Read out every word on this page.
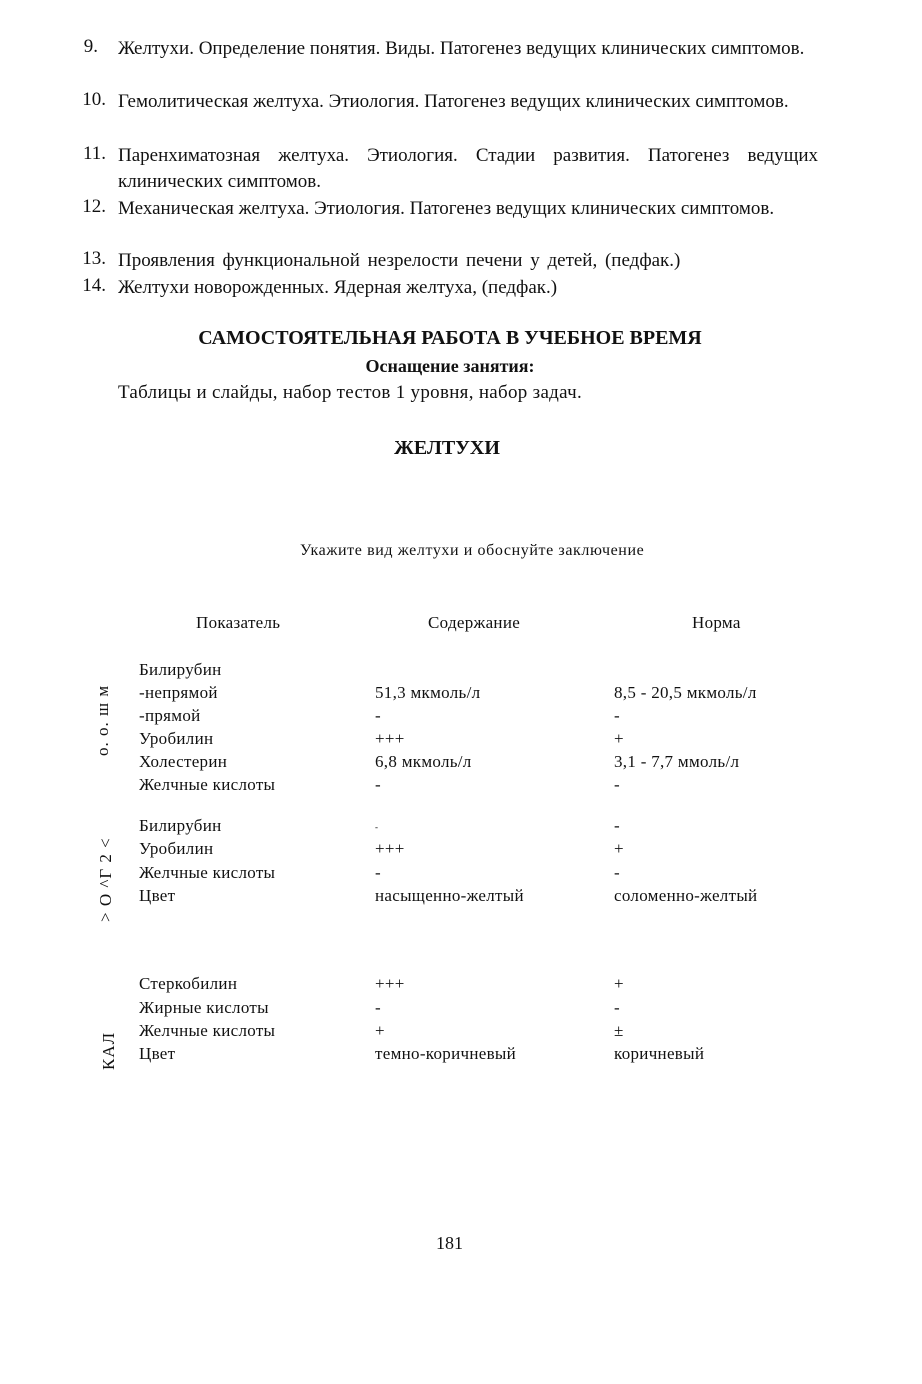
9. Желтухи. Определение понятия. Виды. Патогенез ведущих клинических симптомов.
10. Гемолитическая желтуха. Этиология. Патогенез ведущих клинических симптомов.
11. Паренхиматозная желтуха. Этиология. Стадии развития. Патогенез ведущих клинических симптомов.
12. Механическая желтуха. Этиология. Патогенез ведущих клинических симптомов.
13. Проявления функциональной незрелости печени у детей, (педфак.)
14. Желтухи новорожденных. Ядерная желтуха, (педфак.)
САМОСТОЯТЕЛЬНАЯ РАБОТА В УЧЕБНОЕ ВРЕМЯ
Оснащение занятия:
Таблицы и слайды, набор тестов 1 уровня, набор задач.
ЖЕЛТУХИ
Укажите вид желтухи и обоснуйте заключение
Показатель	Содержание	Норма
о. о. ш м
Билирубин
-непрямой	51,3 мкмоль/л	8,5 - 20,5 мкмоль/л
-прямой	-	-
Уробилин	+++	+
Холестерин	6,8 мкмоль/л	3,1 - 7,7 ммоль/л
Желчные кислоты	-	-
> О ^Г 2 <
Билирубин	-	-
Уробилин	+++	+
Желчные кислоты	-	-
Цвет	насыщенно-желтый	соломенно-желтый
КАЛ
Стеркобилин	+++	+
Жирные кислоты	-	-
Желчные кислоты	+	±
Цвет	темно-коричневый	коричневый
181
